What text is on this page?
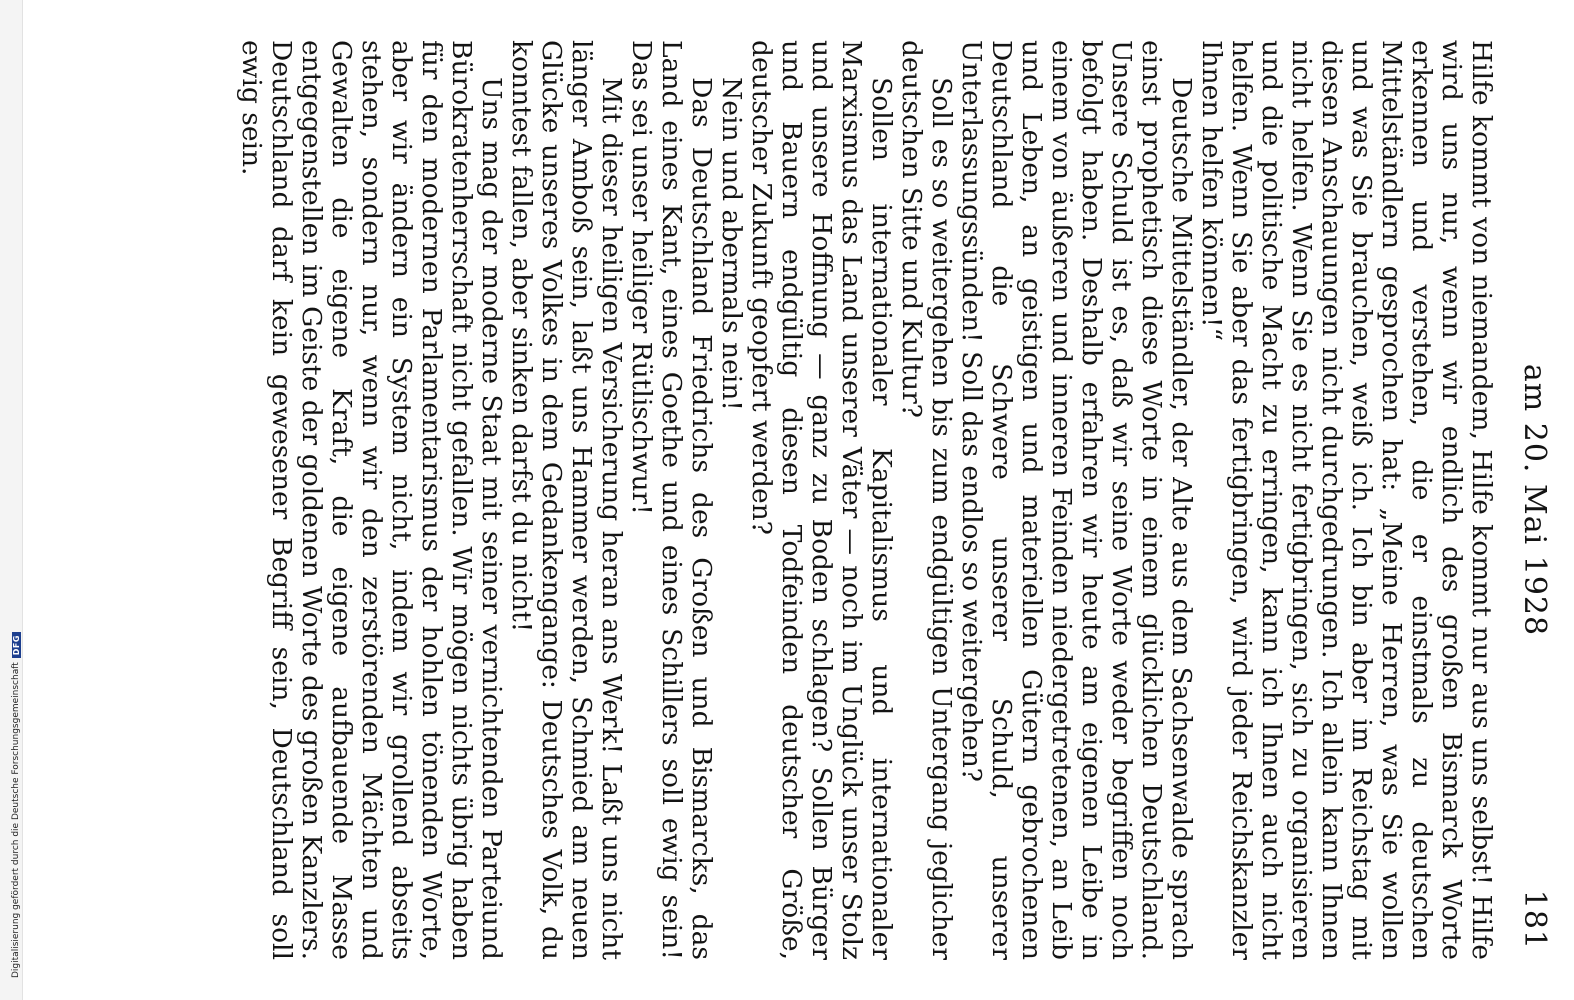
Digitalisierung gefördert durch die Deutsche Forschungsgemeinschaft
DFG
am 20. Mai 1928
181

Hilfe kommt von niemandem, Hilfe kommt nur aus uns selbst! Hilfe wird uns nur, wenn wir endlich des großen Bismarck Worte erkennen und verstehen, die er einstmals zu deutschen Mittelständlern gesprochen hat: „Meine Herren, was Sie wollen und was Sie brauchen, weiß ich. Ich bin aber im Reichstag mit diesen Anschauungen nicht durchgedrungen. Ich allein kann Ihnen nicht helfen. Wenn Sie es nicht fertigbringen, sich zu organisieren und die politische Macht zu erringen, kann ich Ihnen auch nicht helfen. Wenn Sie aber das fertigbringen, wird jeder Reichskanzler Ihnen helfen können!“

Deutsche Mittelständler, der Alte aus dem Sachsenwalde sprach einst prophetisch diese Worte in einem glücklichen Deutschland. Unsere Schuld ist es, daß wir seine Worte weder begriffen noch befolgt haben. Deshalb erfahren wir heute am eigenen Leibe in einem von äußeren und inneren Feinden niedergetretenen, an Leib und Leben, an geistigen und materiellen Gütern gebrochenen Deutschland die Schwere unserer Schuld, unserer Unterlassungssünden! Soll das endlos so weitergehen?

Soll es so weitergehen bis zum endgültigen Untergang jeglicher deutschen Sitte und Kultur?

Sollen internationaler Kapitalismus und internationaler Marxismus das Land unserer Väter — noch im Unglück unser Stolz und unsere Hoffnung — ganz zu Boden schlagen? Sollen Bürger und Bauern endgültig diesen Todfeinden deutscher Größe, deutscher Zukunft geopfert werden?

Nein und abermals nein!

Das Deutschland Friedrichs des Großen und Bismarcks, das Land eines Kant, eines Goethe und eines Schillers soll ewig sein! Das sei unser heiliger Rütlischwur!

Mit dieser heiligen Versicherung heran ans Werk! Laßt uns nicht länger Amboß sein, laßt uns Hammer werden, Schmied am neuen Glücke unseres Volkes in dem Gedankengange: Deutsches Volk, du konntest fallen, aber sinken darfst du nicht!

Uns mag der moderne Staat mit seiner vernichtenden Parteiund Bürokratenherrschaft nicht gefallen. Wir mögen nichts übrig haben für den modernen Parlamentarismus der hohlen tönenden Worte, aber wir ändern ein System nicht, indem wir grollend abseits stehen, sondern nur, wenn wir den zerstörenden Mächten und Gewalten die eigene Kraft, die eigene aufbauende Masse entgegenstellen im Geiste der goldenen Worte des großen Kanzlers. Deutschland darf kein gewesener Begriff sein, Deutschland soll ewig sein.
